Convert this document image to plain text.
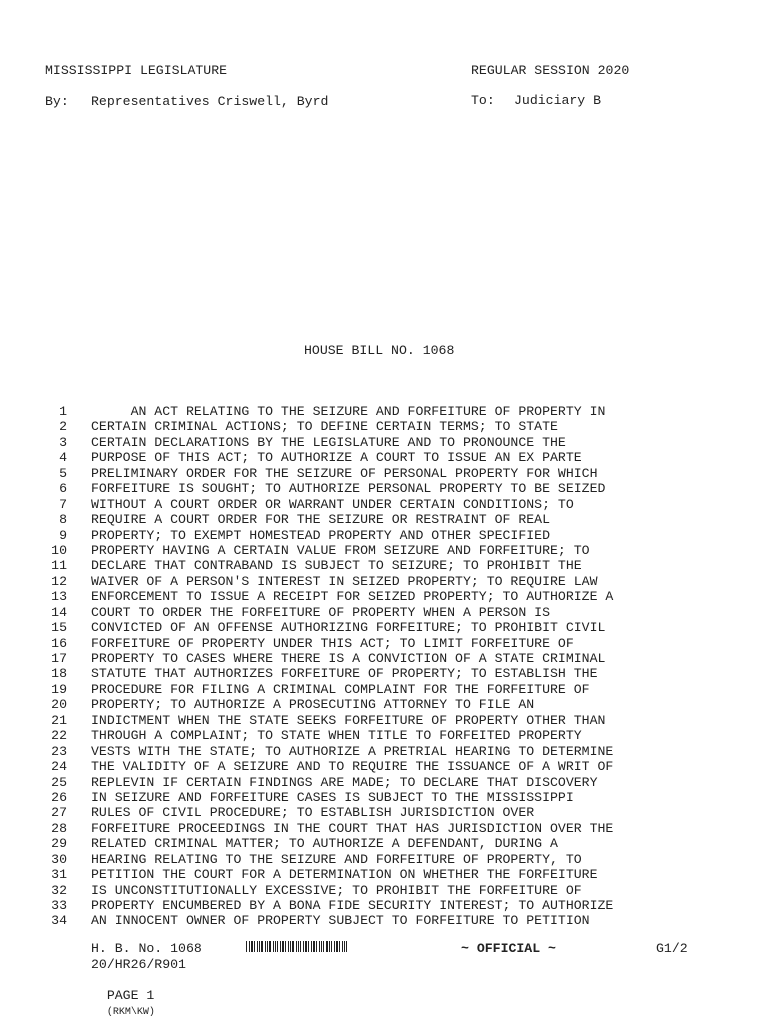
MISSISSIPPI LEGISLATURE	REGULAR SESSION 2020
By: Representatives Criswell, Byrd	To: Judiciary B
HOUSE BILL NO. 1068
1 AN ACT RELATING TO THE SEIZURE AND FORFEITURE OF PROPERTY IN
2 CERTAIN CRIMINAL ACTIONS; TO DEFINE CERTAIN TERMS; TO STATE
3 CERTAIN DECLARATIONS BY THE LEGISLATURE AND TO PRONOUNCE THE
4 PURPOSE OF THIS ACT; TO AUTHORIZE A COURT TO ISSUE AN EX PARTE
5 PRELIMINARY ORDER FOR THE SEIZURE OF PERSONAL PROPERTY FOR WHICH
6 FORFEITURE IS SOUGHT; TO AUTHORIZE PERSONAL PROPERTY TO BE SEIZED
7 WITHOUT A COURT ORDER OR WARRANT UNDER CERTAIN CONDITIONS; TO
8 REQUIRE A COURT ORDER FOR THE SEIZURE OR RESTRAINT OF REAL
9 PROPERTY; TO EXEMPT HOMESTEAD PROPERTY AND OTHER SPECIFIED
10 PROPERTY HAVING A CERTAIN VALUE FROM SEIZURE AND FORFEITURE; TO
11 DECLARE THAT CONTRABAND IS SUBJECT TO SEIZURE; TO PROHIBIT THE
12 WAIVER OF A PERSON'S INTEREST IN SEIZED PROPERTY; TO REQUIRE LAW
13 ENFORCEMENT TO ISSUE A RECEIPT FOR SEIZED PROPERTY; TO AUTHORIZE A
14 COURT TO ORDER THE FORFEITURE OF PROPERTY WHEN A PERSON IS
15 CONVICTED OF AN OFFENSE AUTHORIZING FORFEITURE; TO PROHIBIT CIVIL
16 FORFEITURE OF PROPERTY UNDER THIS ACT; TO LIMIT FORFEITURE OF
17 PROPERTY TO CASES WHERE THERE IS A CONVICTION OF A STATE CRIMINAL
18 STATUTE THAT AUTHORIZES FORFEITURE OF PROPERTY; TO ESTABLISH THE
19 PROCEDURE FOR FILING A CRIMINAL COMPLAINT FOR THE FORFEITURE OF
20 PROPERTY; TO AUTHORIZE A PROSECUTING ATTORNEY TO FILE AN
21 INDICTMENT WHEN THE STATE SEEKS FORFEITURE OF PROPERTY OTHER THAN
22 THROUGH A COMPLAINT; TO STATE WHEN TITLE TO FORFEITED PROPERTY
23 VESTS WITH THE STATE; TO AUTHORIZE A PRETRIAL HEARING TO DETERMINE
24 THE VALIDITY OF A SEIZURE AND TO REQUIRE THE ISSUANCE OF A WRIT OF
25 REPLEVIN IF CERTAIN FINDINGS ARE MADE; TO DECLARE THAT DISCOVERY
26 IN SEIZURE AND FORFEITURE CASES IS SUBJECT TO THE MISSISSIPPI
27 RULES OF CIVIL PROCEDURE; TO ESTABLISH JURISDICTION OVER
28 FORFEITURE PROCEEDINGS IN THE COURT THAT HAS JURISDICTION OVER THE
29 RELATED CRIMINAL MATTER; TO AUTHORIZE A DEFENDANT, DURING A
30 HEARING RELATING TO THE SEIZURE AND FORFEITURE OF PROPERTY, TO
31 PETITION THE COURT FOR A DETERMINATION ON WHETHER THE FORFEITURE
32 IS UNCONSTITUTIONALLY EXCESSIVE; TO PROHIBIT THE FORFEITURE OF
33 PROPERTY ENCUMBERED BY A BONA FIDE SECURITY INTEREST; TO AUTHORIZE
34 AN INNOCENT OWNER OF PROPERTY SUBJECT TO FORFEITURE TO PETITION
H. B. No. 1068	~ OFFICIAL ~	G1/2
20/HR26/R901

PAGE 1
(RKM\KW)
